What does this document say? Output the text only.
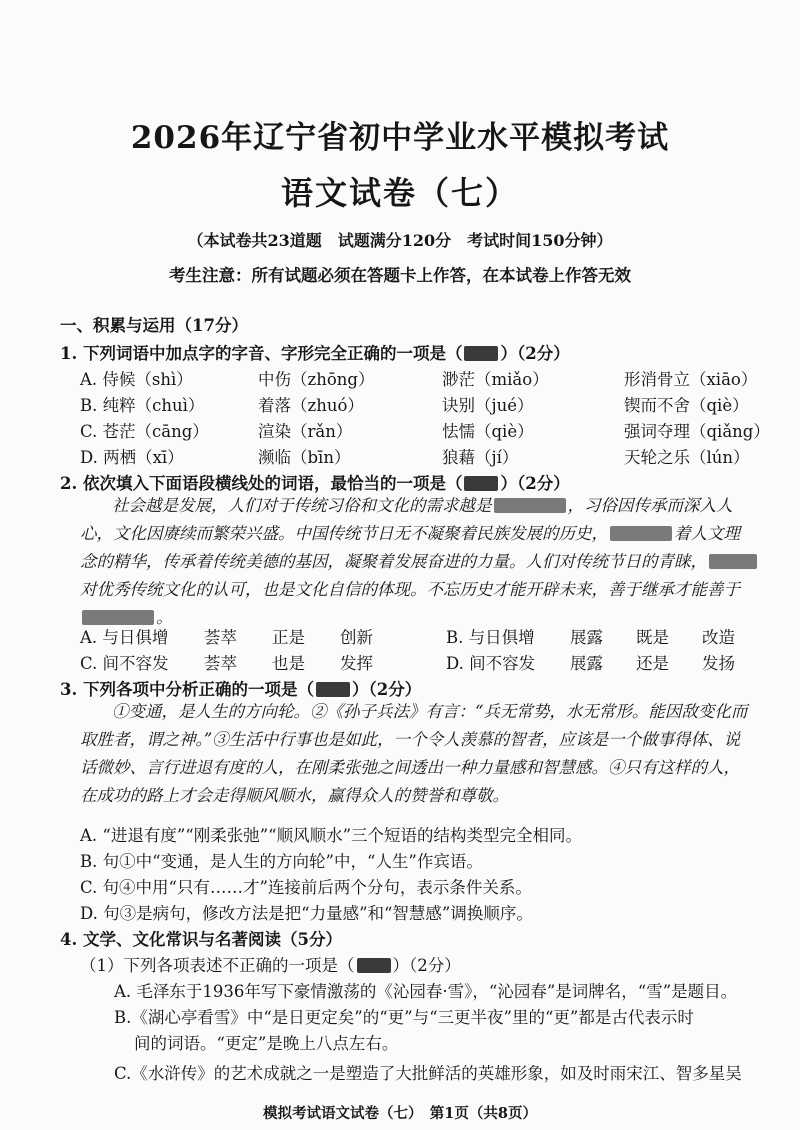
2026年辽宁省初中学业水平模拟考试
语文试卷（七）
（本试卷共23道题　试题满分120分　考试时间150分钟）
考生注意：所有试题必须在答题卡上作答，在本试卷上作答无效
一、积累与运用（17分）
1. 下列词语中加点字的字音、字形完全正确的一项是（ ）（2分）
A. 侍候（shì）	中伤（zhōng）	渺茫（miǎo）	形消骨立（xiāo）
B. 纯粹（chuì）	着落（zhuó）	诀别（jué）	锲而不舍（qiè）
C. 苍茫（cāng）	渲染（rǎn）	怯懦（qiè）	强词夺理（qiǎng）
D. 两栖（xī）	濒临（bīn）	狼藉（jí）	天轮之乐（lún）
2. 依次填入下面语段横线处的词语，最恰当的一项是（ ）（2分）
社会越是发展，人们对于传统习俗和文化的需求越是	，习俗因传承而深入人
心，文化因赓续而繁荣兴盛。中国传统节日无不凝聚着民族发展的历史，	着人文理
念的精华，传承着传统美德的基因，凝聚着发展奋进的力量。人们对传统节日的青睐，
对优秀传统文化的认可，也是文化自信的体现。不忘历史才能开辟未来，善于继承才能善于
。
A. 与日俱增 荟萃 正是 创新	B. 与日俱增 展露 既是 改造
C. 间不容发 荟萃 也是 发挥	D. 间不容发 展露 还是 发扬
3. 下列各项中分析正确的一项是（ ）（2分）
①变通，是人生的方向轮。②《孙子兵法》有言：“兵无常势，水无常形。能因敌变化而
取胜者，谓之神。”③生活中行事也是如此，一个令人羡慕的智者，应该是一个做事得体、说
话微妙、言行进退有度的人，在刚柔张弛之间透出一种力量感和智慧感。④只有这样的人，
在成功的路上才会走得顺风顺水，赢得众人的赞誉和尊敬。
A. “进退有度”“刚柔张弛”“顺风顺水”三个短语的结构类型完全相同。
B. 句①中“变通，是人生的方向轮”中，“人生”作宾语。
C. 句④中用“只有……才”连接前后两个分句，表示条件关系。
D. 句③是病句，修改方法是把“力量感”和“智慧感”调换顺序。
4. 文学、文化常识与名著阅读（5分）
（1）下列各项表述不正确的一项是（ ）（2分）
A. 毛泽东于1936年写下豪情激荡的《沁园春·雪》，“沁园春”是词牌名，“雪”是题目。
B.《湖心亭看雪》中“是日更定矣”的“更”与“三更半夜”里的“更”都是古代表示时
间的词语。“更定”是晚上八点左右。
C.《水浒传》的艺术成就之一是塑造了大批鲜活的英雄形象，如及时雨宋江、智多星吴
模拟考试语文试卷（七）　第1页（共8页）
